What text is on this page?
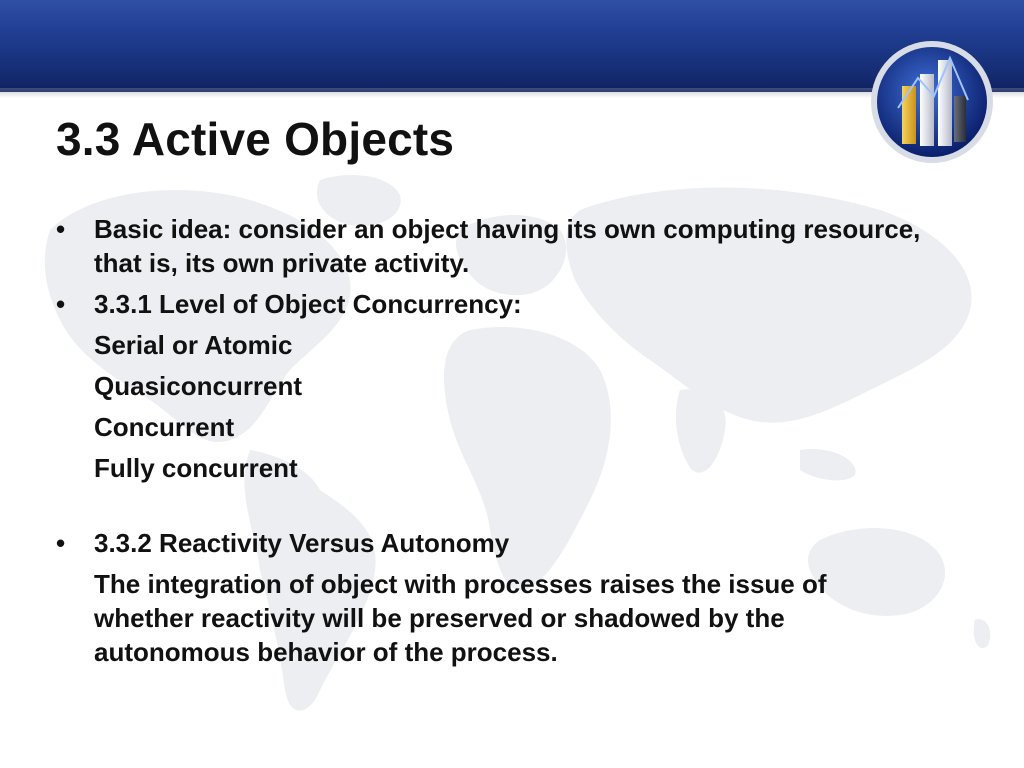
3.3 Active Objects
• Basic idea: consider an object having its own computing resource, that is, its own private activity.
• 3.3.1 Level of Object Concurrency:
Serial or Atomic
Quasiconcurrent
Concurrent
Fully concurrent
• 3.3.2 Reactivity Versus Autonomy
The integration of object with processes raises the issue of whether reactivity will be preserved or shadowed by the autonomous behavior of the process.
